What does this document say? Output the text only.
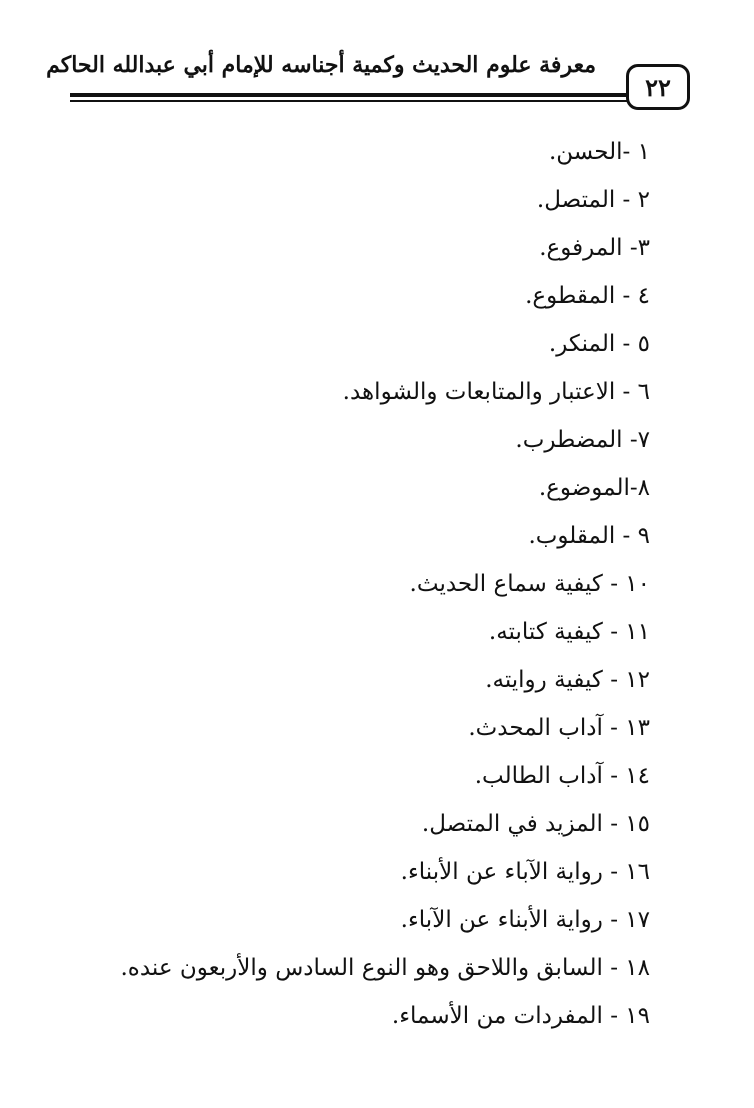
معرفة علوم الحديث وكمية أجناسه للإمام أبي عبدالله الحاكم
٢٢
١ -الحسن.
٢ - المتصل.
٣- المرفوع.
٤ - المقطوع.
٥ - المنكر.
٦ - الاعتبار والمتابعات والشواهد.
٧- المضطرب.
٨-الموضوع.
٩ - المقلوب.
١٠ - كيفية سماع الحديث.
١١ - كيفية كتابته.
١٢ - كيفية روايته.
١٣ - آداب المحدث.
١٤ - آداب الطالب.
١٥ - المزيد في المتصل.
١٦ - رواية الآباء عن الأبناء.
١٧ - رواية الأبناء عن الآباء.
١٨ - السابق واللاحق وهو النوع السادس والأربعون عنده.
١٩ - المفردات من الأسماء.
